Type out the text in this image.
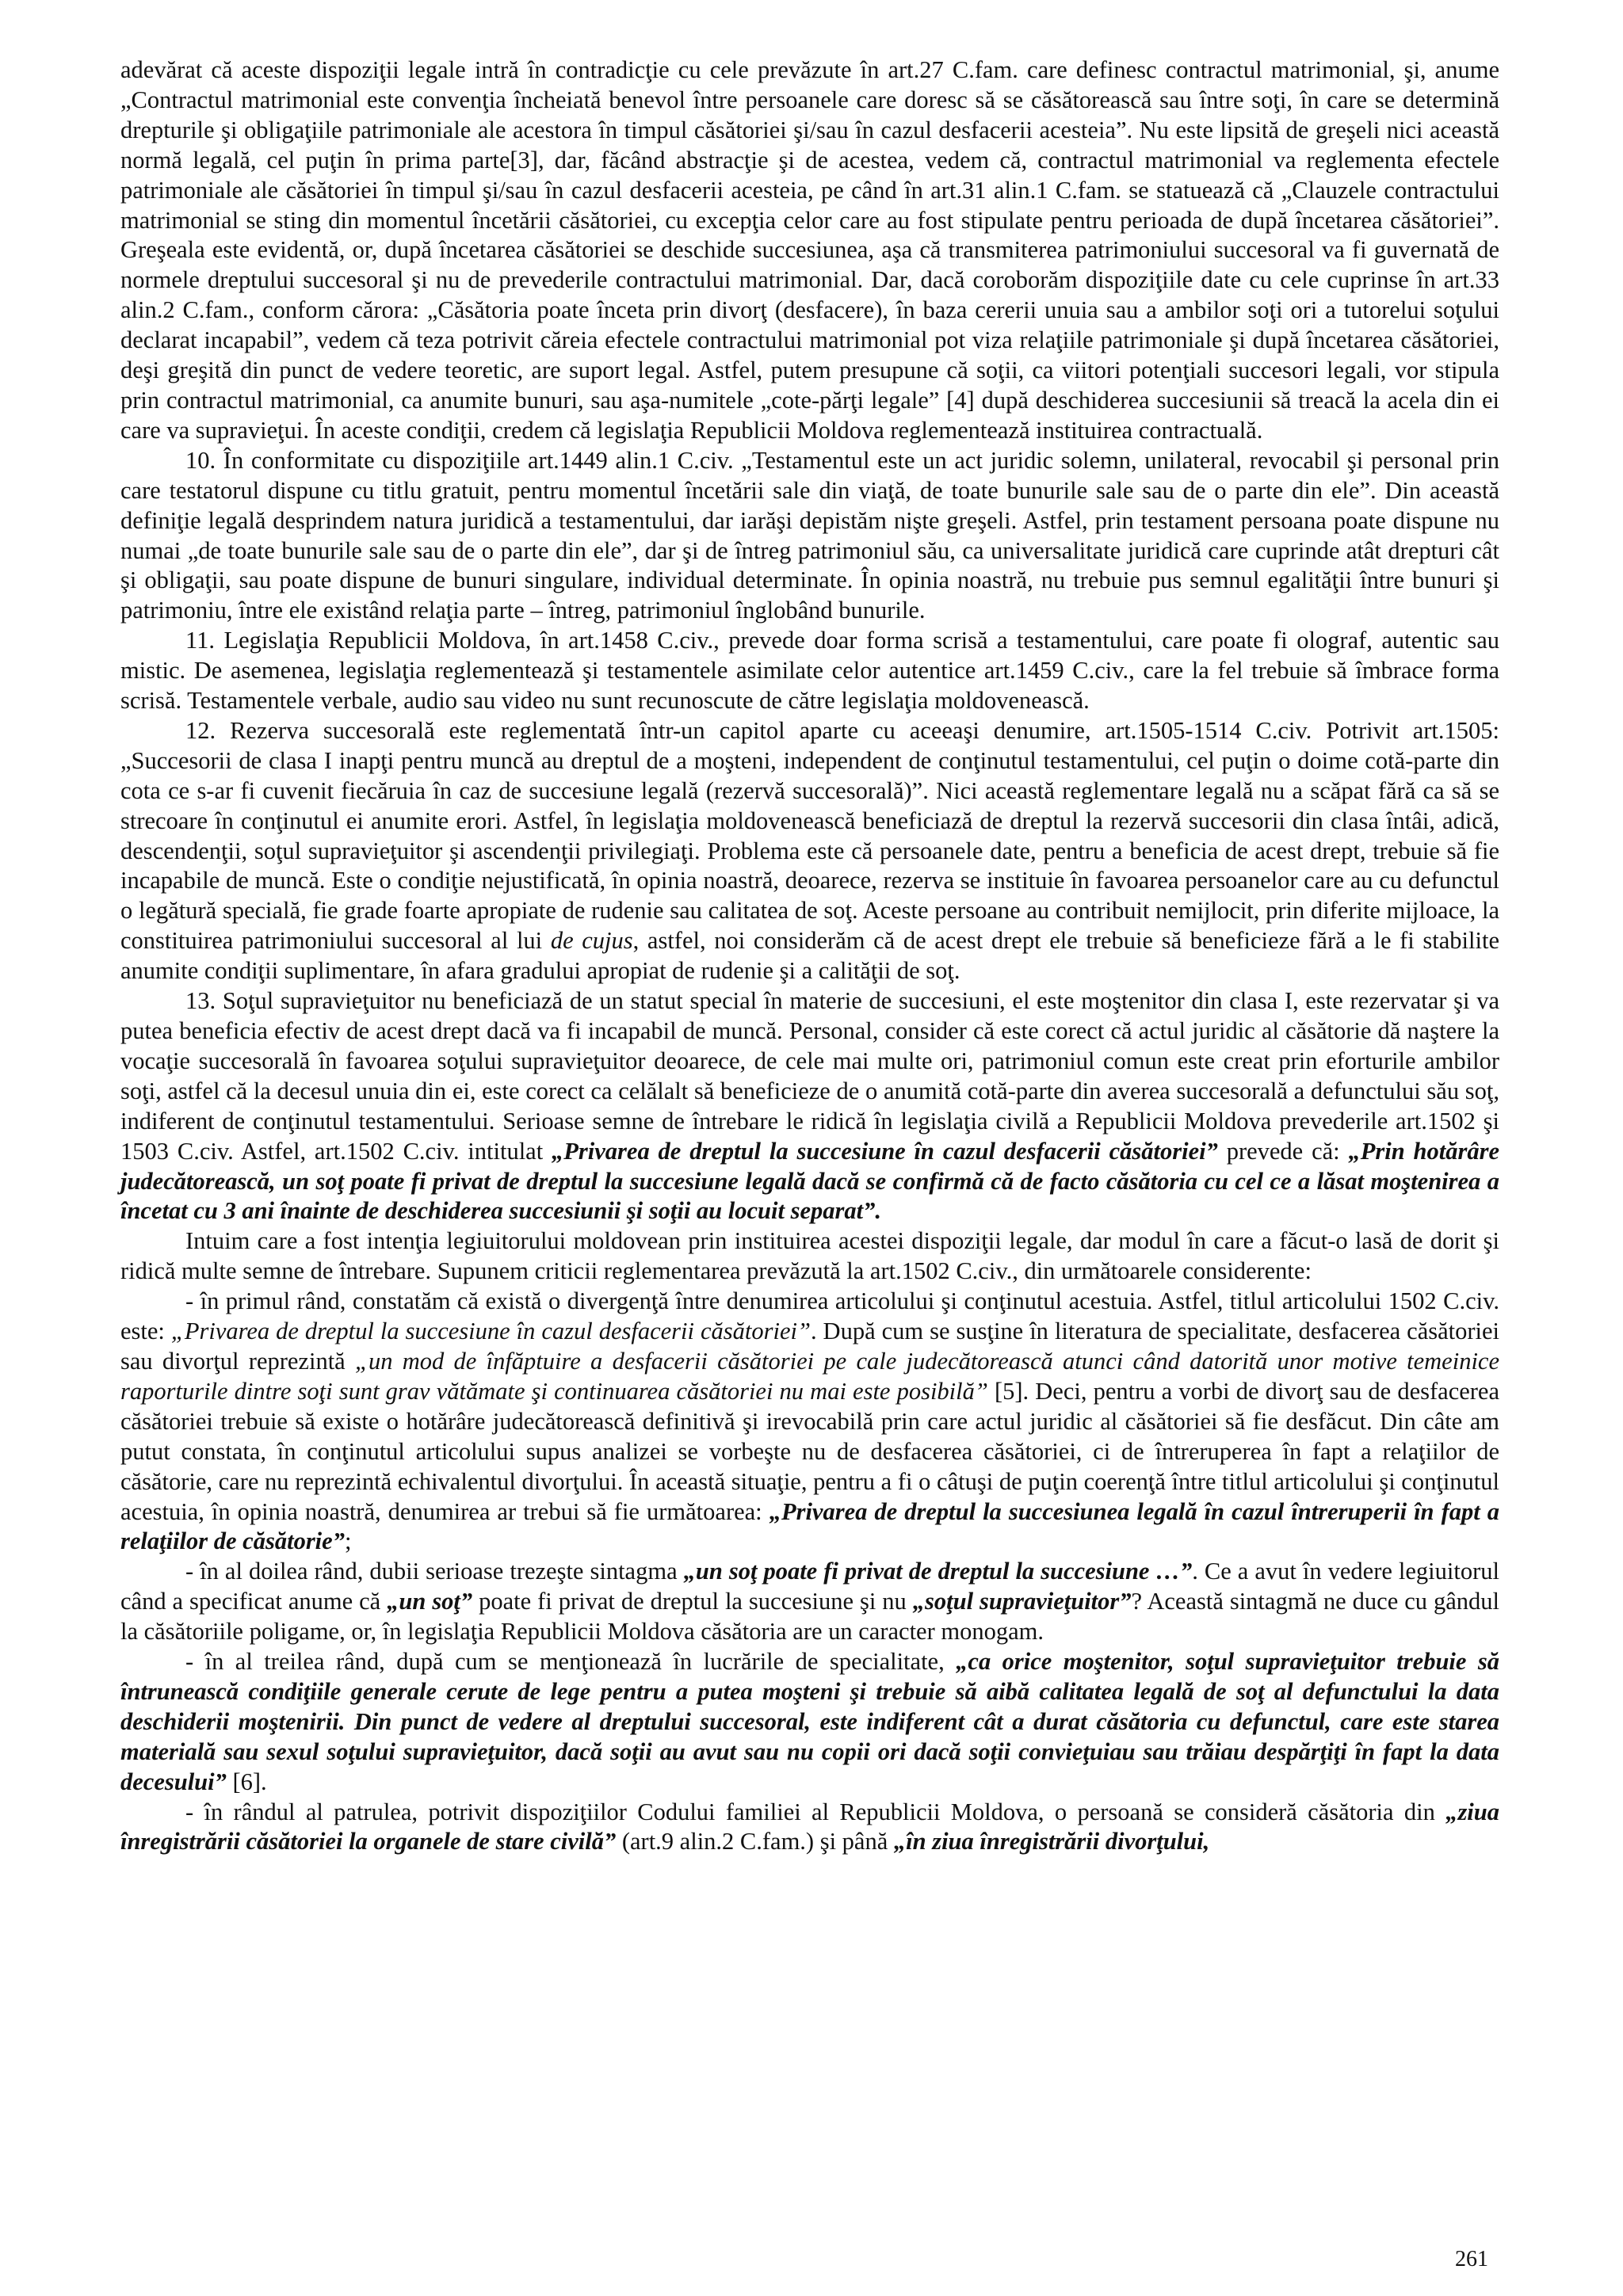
adevărat că aceste dispoziţii legale intră în contradicţie cu cele prevăzute în art.27 C.fam. care definesc contractul matrimonial, şi, anume „Contractul matrimonial este convenţia încheiată benevol între persoanele care doresc să se căsătorească sau între soţi, în care se determină drepturile şi obligaţiile patrimoniale ale acestora în timpul căsătoriei şi/sau în cazul desfacerii acesteia”. Nu este lipsită de greşeli nici această normă legală, cel puţin în prima parte[3], dar, făcând abstracţie şi de acestea, vedem că, contractul matrimonial va reglementa efectele patrimoniale ale căsătoriei în timpul şi/sau în cazul desfacerii acesteia, pe când în art.31 alin.1 C.fam. se statuează că „Clauzele contractului matrimonial se sting din momentul încetării căsătoriei, cu excepţia celor care au fost stipulate pentru perioada de după încetarea căsătoriei”. Greşeala este evidentă, or, după încetarea căsătoriei se deschide succesiunea, aşa că transmiterea patrimoniului succesoral va fi guvernată de normele dreptului succesoral şi nu de prevederile contractului matrimonial. Dar, dacă coroborăm dispoziţiile date cu cele cuprinse în art.33 alin.2 C.fam., conform cărora: „Căsătoria poate înceta prin divorţ (desfacere), în baza cererii unuia sau a ambilor soţi ori a tutorelui soţului declarat incapabil”, vedem că teza potrivit căreia efectele contractului matrimonial pot viza relaţiile patrimoniale şi după încetarea căsătoriei, deşi greşită din punct de vedere teoretic, are suport legal. Astfel, putem presupune că soţii, ca viitori potenţiali succesori legali, vor stipula prin contractul matrimonial, ca anumite bunuri, sau aşa-numitele „cote-părţi legale” [4] după deschiderea succesiunii să treacă la acela din ei care va supravieţui. În aceste condiţii, credem că legislaţia Republicii Moldova reglementează instituirea contractuală.

10. În conformitate cu dispoziţiile art.1449 alin.1 C.civ. „Testamentul este un act juridic solemn, unilateral, revocabil şi personal prin care testatorul dispune cu titlu gratuit, pentru momentul încetării sale din viaţă, de toate bunurile sale sau de o parte din ele”. Din această definiţie legală desprindem natura juridică a testamentului, dar iarăşi depistăm nişte greşeli. Astfel, prin testament persoana poate dispune nu numai „de toate bunurile sale sau de o parte din ele”, dar şi de întreg patrimoniul său, ca universalitate juridică care cuprinde atât drepturi cât şi obligaţii, sau poate dispune de bunuri singulare, individual determinate. În opinia noastră, nu trebuie pus semnul egalităţii între bunuri şi patrimoniu, între ele existând relaţia parte – întreg, patrimoniul înglobând bunurile.

11. Legislaţia Republicii Moldova, în art.1458 C.civ., prevede doar forma scrisă a testamentului, care poate fi olograf, autentic sau mistic. De asemenea, legislaţia reglementează şi testamentele asimilate celor autentice art.1459 C.civ., care la fel trebuie să îmbrace forma scrisă. Testamentele verbale, audio sau video nu sunt recunoscute de către legislaţia moldovenească.

12. Rezerva succesorală este reglementată într-un capitol aparte cu aceeaşi denumire, art.1505-1514 C.civ. Potrivit art.1505: „Succesorii de clasa I inapţi pentru muncă au dreptul de a moşteni, independent de conţinutul testamentului, cel puţin o doime cotă-parte din cota ce s-ar fi cuvenit fiecăruia în caz de succesiune legală (rezervă succesorală)”. Nici această reglementare legală nu a scăpat fără ca să se strecoare în conţinutul ei anumite erori. Astfel, în legislaţia moldovenească beneficiază de dreptul la rezervă succesorii din clasa întâi, adică, descendenţii, soţul supravieţuitor şi ascendenţii privilegiaţi. Problema este că persoanele date, pentru a beneficia de acest drept, trebuie să fie incapabile de muncă. Este o condiţie nejustificată, în opinia noastră, deoarece, rezerva se instituie în favoarea persoanelor care au cu defunctul o legătură specială, fie grade foarte apropiate de rudenie sau calitatea de soţ. Aceste persoane au contribuit nemijlocit, prin diferite mijloace, la constituirea patrimoniului succesoral al lui de cujus, astfel, noi considerăm că de acest drept ele trebuie să beneficieze fără a le fi stabilite anumite condiţii suplimentare, în afara gradului apropiat de rudenie şi a calităţii de soţ.

13. Soţul supravieţuitor nu beneficiază de un statut special în materie de succesiuni, el este moştenitor din clasa I, este rezervatar şi va putea beneficia efectiv de acest drept dacă va fi incapabil de muncă. Personal, consider că este corect că actul juridic al căsătorie dă naştere la vocaţie succesorală în favoarea soţului supravieţuitor deoarece, de cele mai multe ori, patrimoniul comun este creat prin eforturile ambilor soţi, astfel că la decesul unuia din ei, este corect ca celălalt să beneficieze de o anumită cotă-parte din averea succesorală a defunctului său soţ, indiferent de conţinutul testamentului. Serioase semne de întrebare le ridică în legislaţia civilă a Republicii Moldova prevederile art.1502 şi 1503 C.civ. Astfel, art.1502 C.civ. intitulat „Privarea de dreptul la succesiune în cazul desfacerii căsătoriei” prevede că: „Prin hotărâre judecătorească, un soţ poate fi privat de dreptul la succesiune legală dacă se confirmă că de facto căsătoria cu cel ce a lăsat moştenirea a încetat cu 3 ani înainte de deschiderea succesiunii şi soţii au locuit separat”.

Intuim care a fost intenţia legiuitorului moldovean prin instituirea acestei dispoziţii legale, dar modul în care a făcut-o lasă de dorit şi ridică multe semne de întrebare. Supunem criticii reglementarea prevăzută la art.1502 C.civ., din următoarele considerente:

- în primul rând, constatăm că există o divergenţă între denumirea articolului şi conţinutul acestuia. Astfel, titlul articolului 1502 C.civ. este: „Privarea de dreptul la succesiune în cazul desfacerii căsătoriei”. După cum se susţine în literatura de specialitate, desfacerea căsătoriei sau divorţul reprezintă „un mod de înfăptuire a desfacerii căsătoriei pe cale judecătorească atunci când datorită unor motive temeinice raporturile dintre soţi sunt grav vătămate şi continuarea căsătoriei nu mai este posibilă” [5]. Deci, pentru a vorbi de divorţ sau de desfacerea căsătoriei trebuie să existe o hotărâre judecătorească definitivă şi irevocabilă prin care actul juridic al căsătoriei să fie desfăcut. Din câte am putut constata, în conţinutul articolului supus analizei se vorbeşte nu de desfacerea căsătoriei, ci de întreruperea în fapt a relaţiilor de căsătorie, care nu reprezintă echivalentul divorţului. În această situaţie, pentru a fi o câtuşi de puţin coerenţă între titlul articolului şi conţinutul acestuia, în opinia noastră, denumirea ar trebui să fie următoarea: „Privarea de dreptul la succesiunea legală în cazul întreruperii în fapt a relaţiilor de căsătorie”;

- în al doilea rând, dubii serioase trezeşte sintagma „un soţ poate fi privat de dreptul la succesiune …”. Ce a avut în vedere legiuitorul când a specificat anume că „un soţ” poate fi privat de dreptul la succesiune şi nu „soţul supravieţuitor”? Această sintagmă ne duce cu gândul la căsătoriile poligame, or, în legislaţia Republicii Moldova căsătoria are un caracter monogam.

- în al treilea rând, după cum se menţionează în lucrările de specialitate, „ca orice moştenitor, soţul supravieţuitor trebuie să întrunească condiţiile generale cerute de lege pentru a putea moşteni şi trebuie să aibă calitatea legală de soţ al defunctului la data deschiderii moştenirii. Din punct de vedere al dreptului succesoral, este indiferent cât a durat căsătoria cu defunctul, care este starea materială sau sexul soţului supravieţuitor, dacă soţii au avut sau nu copii ori dacă soţii convieţuiau sau trăiau despărţiţi în fapt la data decesului” [6].

- în rândul al patrulea, potrivit dispoziţiilor Codului familiei al Republicii Moldova, o persoană se consideră căsătoria din „ziua înregistrării căsătoriei la organele de stare civilă” (art.9 alin.2 C.fam.) şi până „în ziua înregistrării divorţului,

261
